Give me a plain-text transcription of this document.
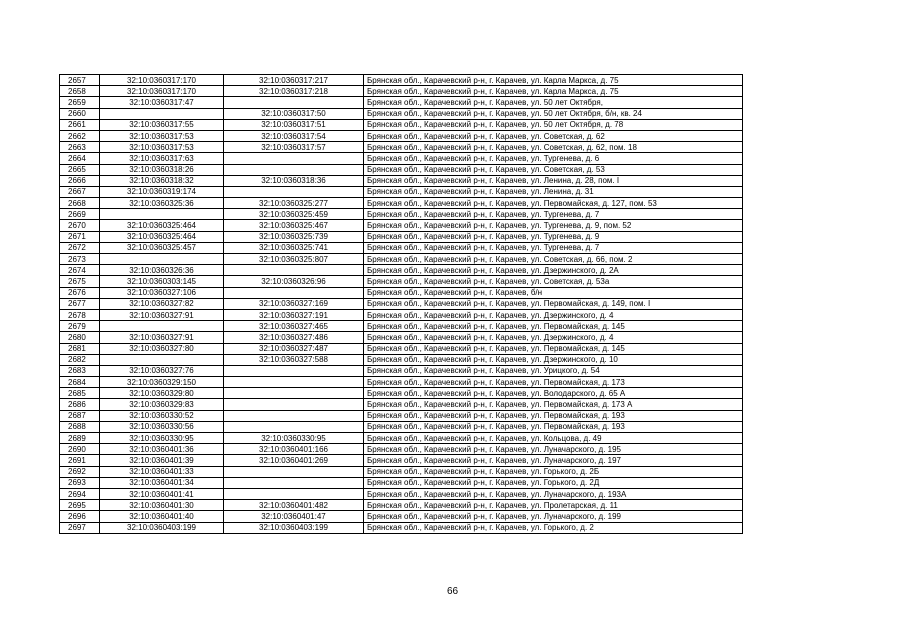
2657	32:10:0360317:170	32:10:0360317:217	Брянская обл., Карачевский р-н, г. Карачев, ул. Карла Маркса, д. 75
2658	32:10:0360317:170	32:10:0360317:218	Брянская обл., Карачевский р-н, г. Карачев, ул. Карла Маркса, д. 75
2659	32:10:0360317:47		Брянская обл., Карачевский р-н, г. Карачев, ул. 50 лет Октября,
2660		32:10:0360317:50	Брянская обл., Карачевский р-н, г. Карачев, ул. 50 лет Октября, б/н, кв. 24
2661	32:10:0360317:55	32:10:0360317:51	Брянская обл., Карачевский р-н, г. Карачев, ул. 50 лет Октября, д. 78
2662	32:10:0360317:53	32:10:0360317:54	Брянская обл., Карачевский р-н, г. Карачев, ул. Советская, д. 62
2663	32:10:0360317:53	32:10:0360317:57	Брянская обл., Карачевский р-н, г. Карачев, ул. Советская, д. 62, пом. 18
2664	32:10:0360317:63		Брянская обл., Карачевский р-н, г. Карачев, ул. Тургенева, д. 6
2665	32:10:0360318:26		Брянская обл., Карачевский р-н, г. Карачев, ул. Советская, д. 53
2666	32:10:0360318:32	32:10:0360318:36	Брянская обл., Карачевский р-н, г. Карачев, ул. Ленина, д. 28, пом. I
2667	32:10:0360319:174		Брянская обл., Карачевский р-н, г. Карачев, ул. Ленина, д. 31
2668	32:10:0360325:36	32:10:0360325:277	Брянская обл., Карачевский р-н, г. Карачев, ул. Первомайская, д. 127, пом. 53
2669		32:10:0360325:459	Брянская обл., Карачевский р-н, г. Карачев, ул. Тургенева, д. 7
2670	32:10:0360325:464	32:10:0360325:467	Брянская обл., Карачевский р-н, г. Карачев, ул. Тургенева, д. 9, пом. 52
2671	32:10:0360325:464	32:10:0360325:739	Брянская обл., Карачевский р-н, г. Карачев, ул. Тургенева, д. 9
2672	32:10:0360325:457	32:10:0360325:741	Брянская обл., Карачевский р-н, г. Карачев, ул. Тургенева, д. 7
2673		32:10:0360325:807	Брянская обл., Карачевский р-н, г. Карачев, ул. Советская, д. 66, пом. 2
2674	32:10:0360326:36		Брянская обл., Карачевский р-н, г. Карачев, ул. Дзержинского, д. 2А
2675	32:10:0360303:145	32:10:0360326:96	Брянская обл., Карачевский р-н, г. Карачев, ул. Советская, д. 53а
2676	32:10:0360327:106		Брянская обл., Карачевский р-н, г. Карачев, б/н
2677	32:10:0360327:82	32:10:0360327:169	Брянская обл., Карачевский р-н, г. Карачев, ул. Первомайская, д. 149, пом. I
2678	32:10:0360327:91	32:10:0360327:191	Брянская обл., Карачевский р-н, г. Карачев, ул. Дзержинского, д. 4
2679		32:10:0360327:465	Брянская обл., Карачевский р-н, г. Карачев, ул. Первомайская, д. 145
2680	32:10:0360327:91	32:10:0360327:486	Брянская обл., Карачевский р-н, г. Карачев, ул. Дзержинского, д. 4
2681	32:10:0360327:80	32:10:0360327:487	Брянская обл., Карачевский р-н, г. Карачев, ул. Первомайская, д. 145
2682		32:10:0360327:588	Брянская обл., Карачевский р-н, г. Карачев, ул. Дзержинского, д. 10
2683	32:10:0360327:76		Брянская обл., Карачевский р-н, г. Карачев, ул. Урицкого, д. 54
2684	32:10:0360329:150		Брянская обл., Карачевский р-н, г. Карачев, ул. Первомайская, д. 173
2685	32:10:0360329:80		Брянская обл., Карачевский р-н, г. Карачев, ул. Володарского, д. 65 А
2686	32:10:0360329:83		Брянская обл., Карачевский р-н, г. Карачев, ул. Первомайская, д. 173 А
2687	32:10:0360330:52		Брянская обл., Карачевский р-н, г. Карачев, ул. Первомайская, д. 193
2688	32:10:0360330:56		Брянская обл., Карачевский р-н, г. Карачев, ул. Первомайская, д. 193
2689	32:10:0360330:95	32:10:0360330:95	Брянская обл., Карачевский р-н, г. Карачев, ул. Кольцова, д. 49
2690	32:10:0360401:36	32:10:0360401:166	Брянская обл., Карачевский р-н, г. Карачев, ул. Луначарского, д. 195
2691	32:10:0360401:39	32:10:0360401:269	Брянская обл., Карачевский р-н, г. Карачев, ул. Луначарского, д. 197
2692	32:10:0360401:33		Брянская обл., Карачевский р-н, г. Карачев, ул. Горького, д. 2Б
2693	32:10:0360401:34		Брянская обл., Карачевский р-н, г. Карачев, ул. Горького, д. 2Д
2694	32:10:0360401:41		Брянская обл., Карачевский р-н, г. Карачев, ул. Луначарского, д. 193А
2695	32:10:0360401:30	32:10:0360401:482	Брянская обл., Карачевский р-н, г. Карачев, ул. Пролетарская, д. 11
2696	32:10:0360401:40	32:10:0360401:47	Брянская обл., Карачевский р-н, г. Карачев, ул. Луначарского, д. 199
2697	32:10:0360403:199	32:10:0360403:199	Брянская обл., Карачевский р-н, г. Карачев, ул. Горького, д. 2
66
